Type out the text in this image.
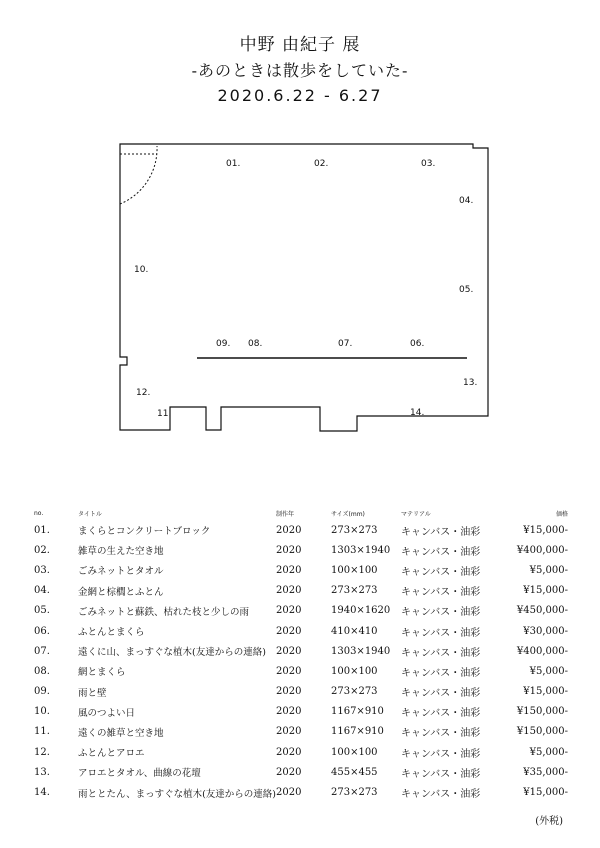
中野 由紀子 展
-あのときは散歩をしていた-
2020.6.22 - 6.27
01.	02.	03.
04.
05.
06.
07.
08.
09.
10.
11.
12.
13.
14.
no.	タイトル	制作年	サイズ(mm)	マテリアル	価格
01.	まくらとコンクリートブロック	2020	273×273	キャンバス・油彩	¥15,000-
02.	雑草の生えた空き地	2020	1303×1940	キャンバス・油彩	¥400,000-
03.	ごみネットとタオル	2020	100×100	キャンバス・油彩	¥5,000-
04.	金網と棕櫚とふとん	2020	273×273	キャンバス・油彩	¥15,000-
05.	ごみネットと蘇鉄、枯れた枝と少しの雨	2020	1940×1620	キャンバス・油彩	¥450,000-
06.	ふとんとまくら	2020	410×410	キャンバス・油彩	¥30,000-
07.	遠くに山、まっすぐな植木(友達からの連絡)	2020	1303×1940	キャンバス・油彩	¥400,000-
08.	網とまくら	2020	100×100	キャンバス・油彩	¥5,000-
09.	雨と壁	2020	273×273	キャンバス・油彩	¥15,000-
10.	風のつよい日	2020	1167×910	キャンバス・油彩	¥150,000-
11.	遠くの雑草と空き地	2020	1167×910	キャンバス・油彩	¥150,000-
12.	ふとんとアロエ	2020	100×100	キャンバス・油彩	¥5,000-
13.	アロエとタオル、曲線の花壇	2020	455×455	キャンバス・油彩	¥35,000-
14.	雨ととたん、まっすぐな植木(友達からの連絡)	2020	273×273	キャンバス・油彩	¥15,000-
(外税)
